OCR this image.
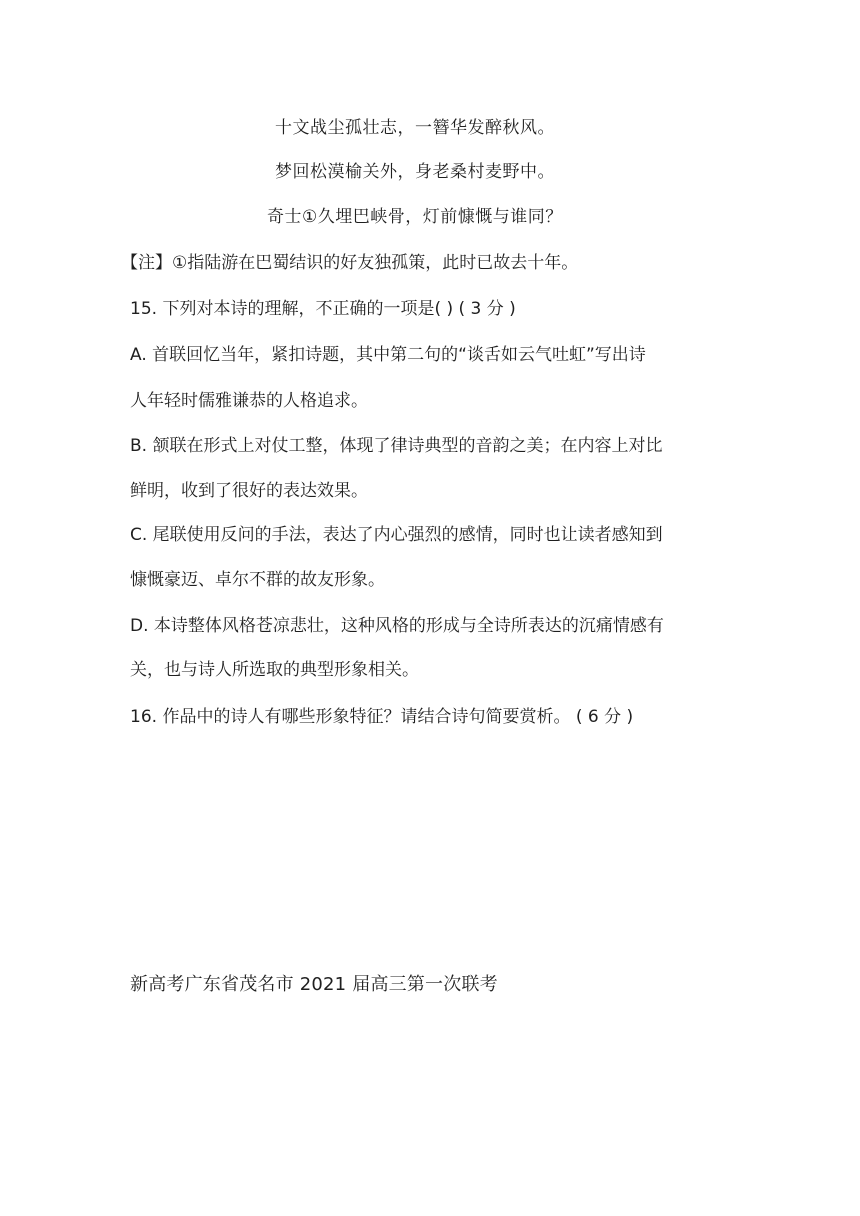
十文战尘孤壮志，一簪华发醉秋风。
梦回松漠榆关外，身老桑村麦野中。
奇士①久埋巴峡骨，灯前慷慨与谁同？
【注】①指陆游在巴蜀结识的好友独孤策，此时已故去十年。
15. 下列对本诗的理解，不正确的一项是( ) ( 3 分 )
A. 首联回忆当年，紧扣诗题，其中第二句的“谈舌如云气吐虹”写出诗
人年轻时儒雅谦恭的人格追求。
B. 颔联在形式上对仗工整，体现了律诗典型的音韵之美；在内容上对比
鲜明，收到了很好的表达效果。
C. 尾联使用反问的手法，表达了内心强烈的感情，同时也让读者感知到
慷慨豪迈、卓尔不群的故友形象。
D. 本诗整体风格苍凉悲壮，这种风格的形成与全诗所表达的沉痛情感有
关，也与诗人所选取的典型形象相关。
16. 作品中的诗人有哪些形象特征？请结合诗句简要赏析。 ( 6 分 )
新高考广东省茂名市 2021 届高三第一次联考
